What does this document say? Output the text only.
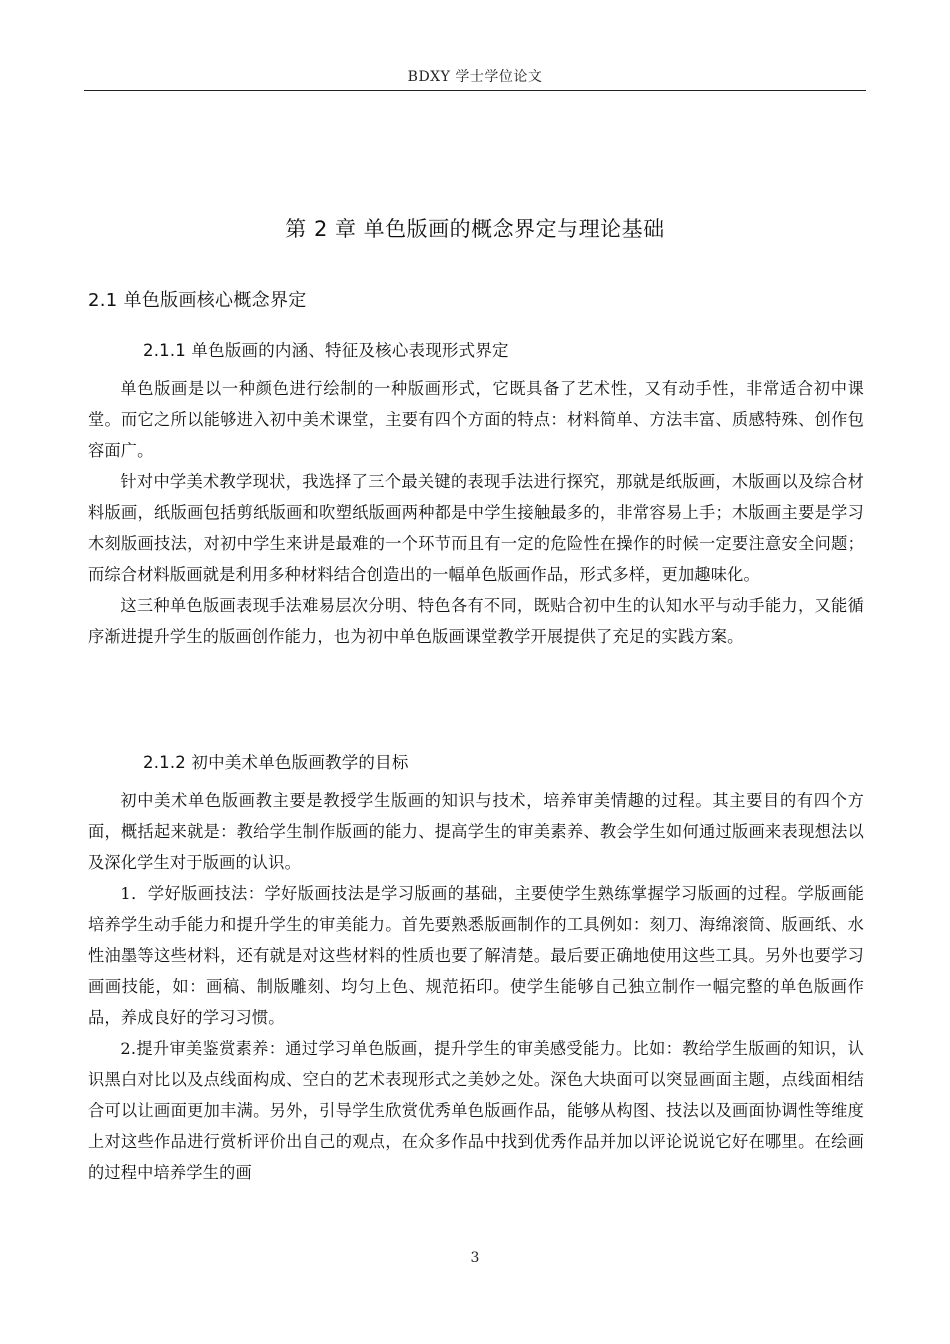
BDXY 学士学位论文
第 2 章 单色版画的概念界定与理论基础
2.1 单色版画核心概念界定
2.1.1 单色版画的内涵、特征及核心表现形式界定

单色版画是以一种颜色进行绘制的一种版画形式，它既具备了艺术性，又有动手性，非常适合初中课堂。而它之所以能够进入初中美术课堂，主要有四个方面的特点：材料简单、方法丰富、质感特殊、创作包容面广。

针对中学美术教学现状，我选择了三个最关键的表现手法进行探究，那就是纸版画，木版画以及综合材料版画，纸版画包括剪纸版画和吹塑纸版画两种都是中学生接触最多的，非常容易上手；木版画主要是学习木刻版画技法，对初中学生来讲是最难的一个环节而且有一定的危险性在操作的时候一定要注意安全问题；而综合材料版画就是利用多种材料结合创造出的一幅单色版画作品，形式多样，更加趣味化。

这三种单色版画表现手法难易层次分明、特色各有不同，既贴合初中生的认知水平与动手能力，又能循序渐进提升学生的版画创作能力，也为初中单色版画课堂教学开展提供了充足的实践方案。

2.1.2 初中美术单色版画教学的目标

初中美术单色版画教主要是教授学生版画的知识与技术，培养审美情趣的过程。其主要目的有四个方面，概括起来就是：教给学生制作版画的能力、提高学生的审美素养、教会学生如何通过版画来表现想法以及深化学生对于版画的认识。

1．学好版画技法：学好版画技法是学习版画的基础，主要使学生熟练掌握学习版画的过程。学版画能培养学生动手能力和提升学生的审美能力。首先要熟悉版画制作的工具例如：刻刀、海绵滚筒、版画纸、水性油墨等这些材料，还有就是对这些材料的性质也要了解清楚。最后要正确地使用这些工具。另外也要学习画画技能，如：画稿、制版雕刻、均匀上色、规范拓印。使学生能够自己独立制作一幅完整的单色版画作品，养成良好的学习习惯。

2.提升审美鉴赏素养：通过学习单色版画，提升学生的审美感受能力。比如：教给学生版画的知识，认识黑白对比以及点线面构成、空白的艺术表现形式之美妙之处。深色大块面可以突显画面主题，点线面相结合可以让画面更加丰满。另外，引导学生欣赏优秀单色版画作品，能够从构图、技法以及画面协调性等维度上对这些作品进行赏析评价出自己的观点，在众多作品中找到优秀作品并加以评论说说它好在哪里。在绘画的过程中培养学生的画

3
